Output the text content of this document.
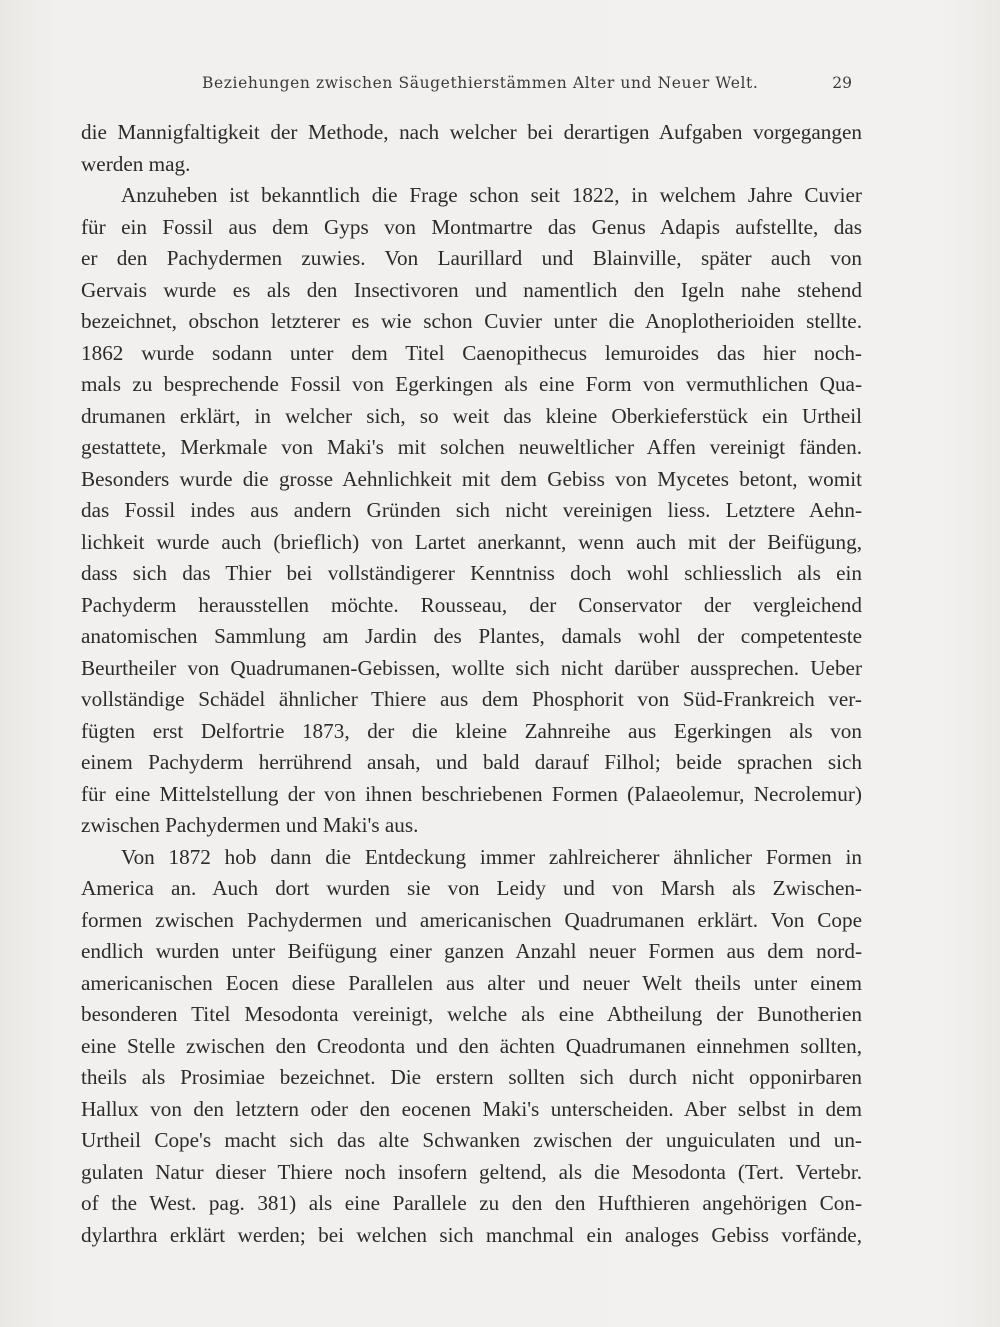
Beziehungen zwischen Säugethierstämmen Alter und Neuer Welt.	29
die Mannigfaltigkeit der Methode, nach welcher bei derartigen Aufgaben vorgegangen
werden mag.
Anzuheben ist bekanntlich die Frage schon seit 1822, in welchem Jahre Cuvier
für ein Fossil aus dem Gyps von Montmartre das Genus Adapis aufstellte, das
er den Pachydermen zuwies. Von Laurillard und Blainville, später auch von
Gervais wurde es als den Insectivoren und namentlich den Igeln nahe stehend
bezeichnet, obschon letzterer es wie schon Cuvier unter die Anoplotherioiden stellte.
1862 wurde sodann unter dem Titel Caenopithecus lemuroides das hier noch-
mals zu besprechende Fossil von Egerkingen als eine Form von vermuthlichen Qua-
drumanen erklärt, in welcher sich, so weit das kleine Oberkieferstück ein Urtheil
gestattete, Merkmale von Maki's mit solchen neuweltlicher Affen vereinigt fänden.
Besonders wurde die grosse Aehnlichkeit mit dem Gebiss von Mycetes betont, womit
das Fossil indes aus andern Gründen sich nicht vereinigen liess. Letztere Aehn-
lichkeit wurde auch (brieflich) von Lartet anerkannt, wenn auch mit der Beifügung,
dass sich das Thier bei vollständigerer Kenntniss doch wohl schliesslich als ein
Pachyderm herausstellen möchte. Rousseau, der Conservator der vergleichend
anatomischen Sammlung am Jardin des Plantes, damals wohl der competenteste
Beurtheiler von Quadrumanen-Gebissen, wollte sich nicht darüber aussprechen. Ueber
vollständige Schädel ähnlicher Thiere aus dem Phosphorit von Süd-Frankreich ver-
fügten erst Delfortrie 1873, der die kleine Zahnreihe aus Egerkingen als von
einem Pachyderm herrührend ansah, und bald darauf Filhol; beide sprachen sich
für eine Mittelstellung der von ihnen beschriebenen Formen (Palaeolemur, Necrolemur)
zwischen Pachydermen und Maki's aus.
Von 1872 hob dann die Entdeckung immer zahlreicherer ähnlicher Formen in
America an. Auch dort wurden sie von Leidy und von Marsh als Zwischen-
formen zwischen Pachydermen und americanischen Quadrumanen erklärt. Von Cope
endlich wurden unter Beifügung einer ganzen Anzahl neuer Formen aus dem nord-
americanischen Eocen diese Parallelen aus alter und neuer Welt theils unter einem
besonderen Titel Mesodonta vereinigt, welche als eine Abtheilung der Bunotherien
eine Stelle zwischen den Creodonta und den ächten Quadrumanen einnehmen sollten,
theils als Prosimiae bezeichnet. Die erstern sollten sich durch nicht opponirbaren
Hallux von den letztern oder den eocenen Maki's unterscheiden. Aber selbst in dem
Urtheil Cope's macht sich das alte Schwanken zwischen der unguiculaten und un-
gulaten Natur dieser Thiere noch insofern geltend, als die Mesodonta (Tert. Vertebr.
of the West. pag. 381) als eine Parallele zu den den Hufthieren angehörigen Con-
dylarthra erklärt werden; bei welchen sich manchmal ein analoges Gebiss vorfände,
